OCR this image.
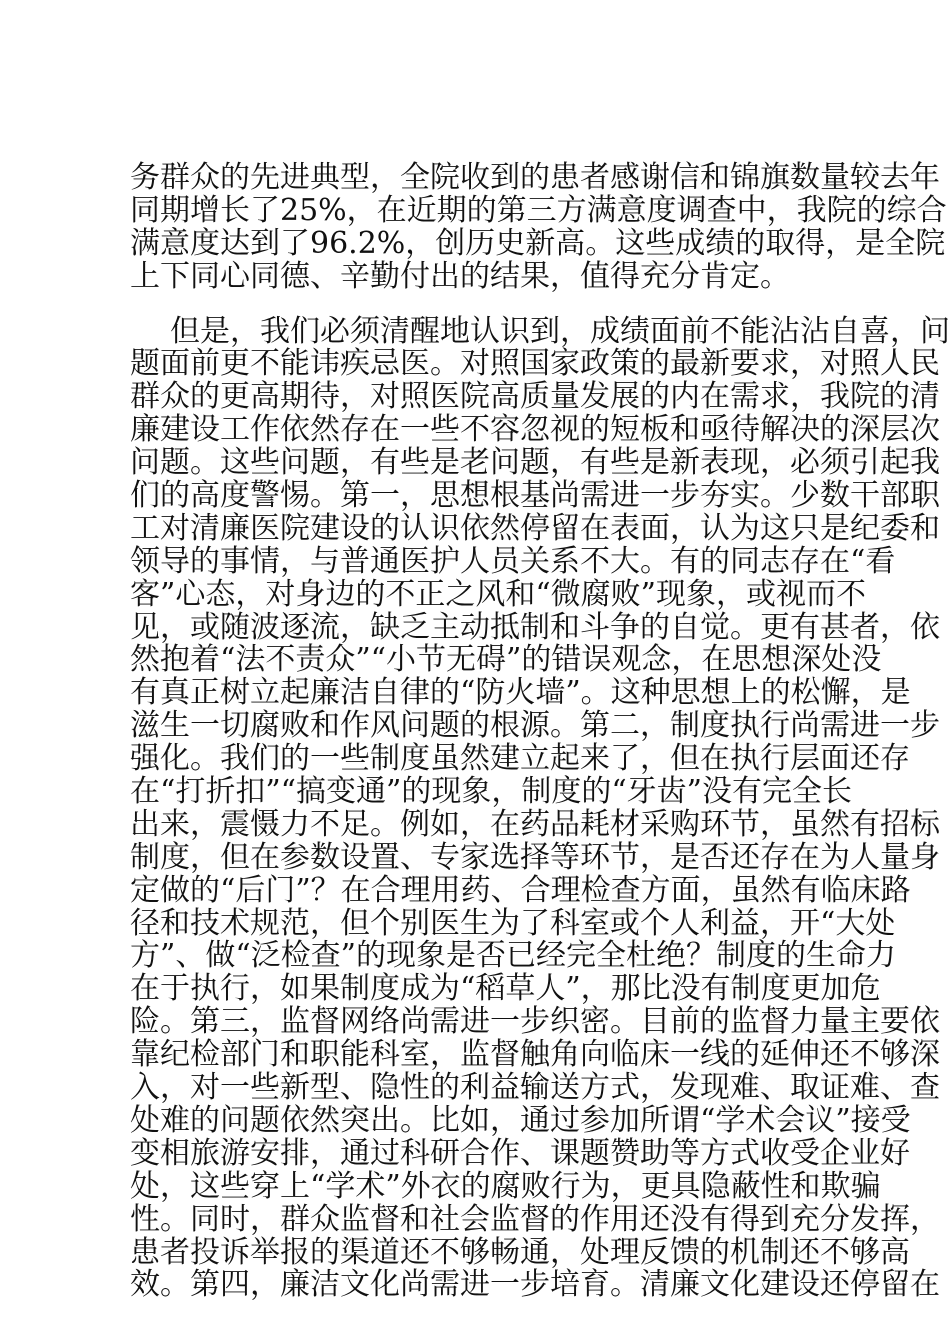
务群众的先进典型，全院收到的患者感谢信和锦旗数量较去年
同期增长了25%，在近期的第三方满意度调查中，我院的综合
满意度达到了96.2%，创历史新高。这些成绩的取得，是全院
上下同心同德、辛勤付出的结果，值得充分肯定。
但是，我们必须清醒地认识到，成绩面前不能沾沾自喜，问
题面前更不能讳疾忌医。对照国家政策的最新要求，对照人民
群众的更高期待，对照医院高质量发展的内在需求，我院的清
廉建设工作依然存在一些不容忽视的短板和亟待解决的深层次
问题。这些问题，有些是老问题，有些是新表现，必须引起我
们的高度警惕。第一，思想根基尚需进一步夯实。少数干部职
工对清廉医院建设的认识依然停留在表面，认为这只是纪委和
领导的事情，与普通医护人员关系不大。有的同志存在“看
客”心态，对身边的不正之风和“微腐败”现象，或视而不
见，或随波逐流，缺乏主动抵制和斗争的自觉。更有甚者，依
然抱着“法不责众”“小节无碍”的错误观念，在思想深处没
有真正树立起廉洁自律的“防火墙”。这种思想上的松懈，是
滋生一切腐败和作风问题的根源。第二，制度执行尚需进一步
强化。我们的一些制度虽然建立起来了，但在执行层面还存
在“打折扣”“搞变通”的现象，制度的“牙齿”没有完全长
出来，震慑力不足。例如，在药品耗材采购环节，虽然有招标
制度，但在参数设置、专家选择等环节，是否还存在为人量身
定做的“后门”？在合理用药、合理检查方面，虽然有临床路
径和技术规范，但个别医生为了科室或个人利益，开“大处
方”、做“泛检查”的现象是否已经完全杜绝？制度的生命力
在于执行，如果制度成为“稻草人”，那比没有制度更加危
险。第三，监督网络尚需进一步织密。目前的监督力量主要依
靠纪检部门和职能科室，监督触角向临床一线的延伸还不够深
入，对一些新型、隐性的利益输送方式，发现难、取证难、查
处难的问题依然突出。比如，通过参加所谓“学术会议”接受
变相旅游安排，通过科研合作、课题赞助等方式收受企业好
处，这些穿上“学术”外衣的腐败行为，更具隐蔽性和欺骗
性。同时，群众监督和社会监督的作用还没有得到充分发挥，
患者投诉举报的渠道还不够畅通，处理反馈的机制还不够高
效。第四，廉洁文化尚需进一步培育。清廉文化建设还停留在
